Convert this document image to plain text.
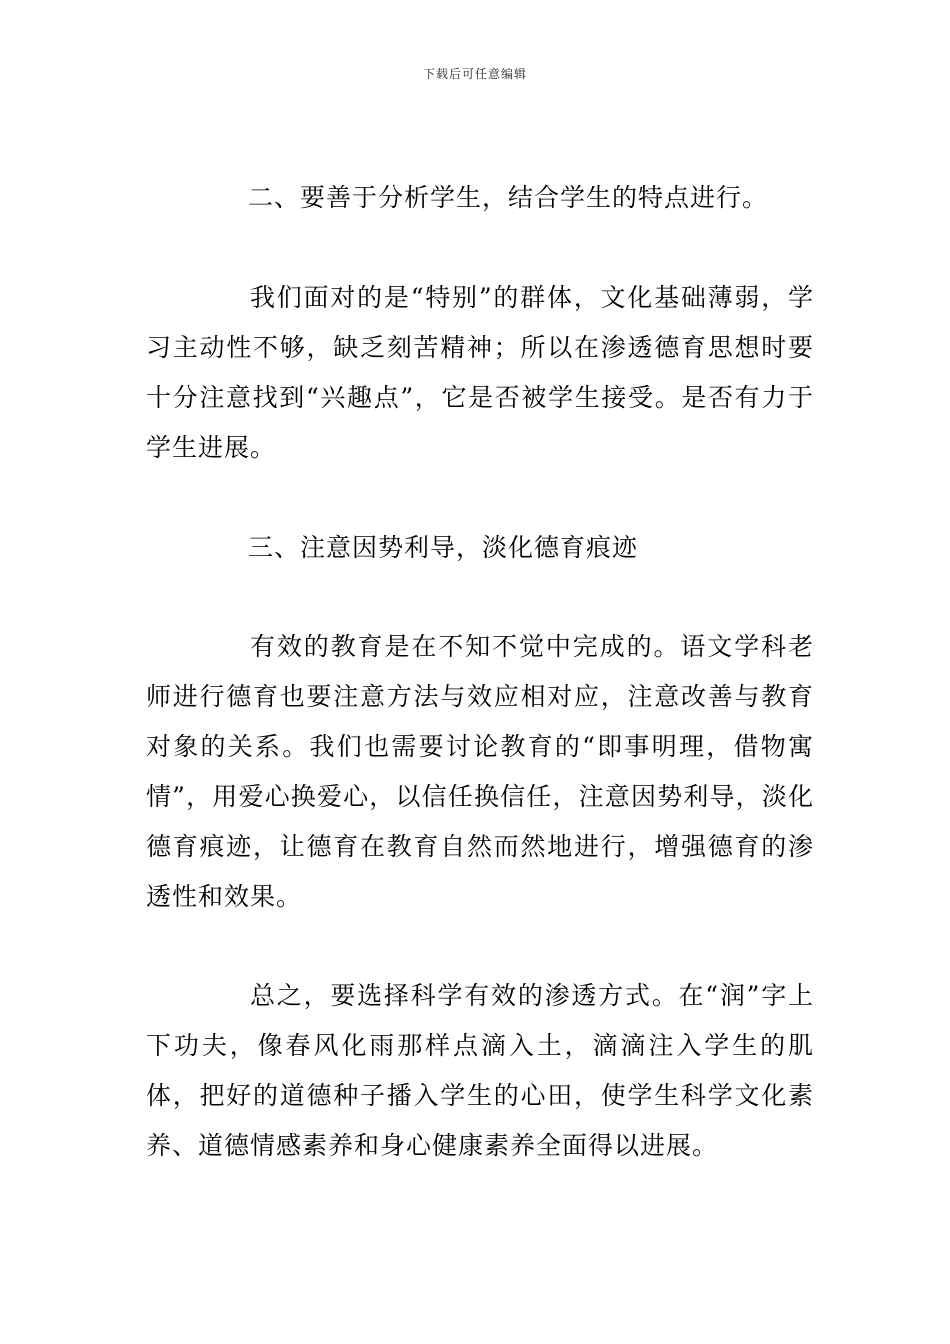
下载后可任意编辑
二、要善于分析学生，结合学生的特点进行。

我们面对的是“特别”的群体，文化基础薄弱，学习主动性不够，缺乏刻苦精神；所以在渗透德育思想时要十分注意找到“兴趣点”，它是否被学生接受。是否有力于学生进展。

三、注意因势利导，淡化德育痕迹

有效的教育是在不知不觉中完成的。语文学科老师进行德育也要注意方法与效应相对应，注意改善与教育对象的关系。我们也需要讨论教育的“即事明理，借物寓情”，用爱心换爱心，以信任换信任，注意因势利导，淡化德育痕迹，让德育在教育自然而然地进行，增强德育的渗透性和效果。

总之，要选择科学有效的渗透方式。在“润”字上下功夫，像春风化雨那样点滴入土，滴滴注入学生的肌体，把好的道德种子播入学生的心田，使学生科学文化素养、道德情感素养和身心健康素养全面得以进展。
